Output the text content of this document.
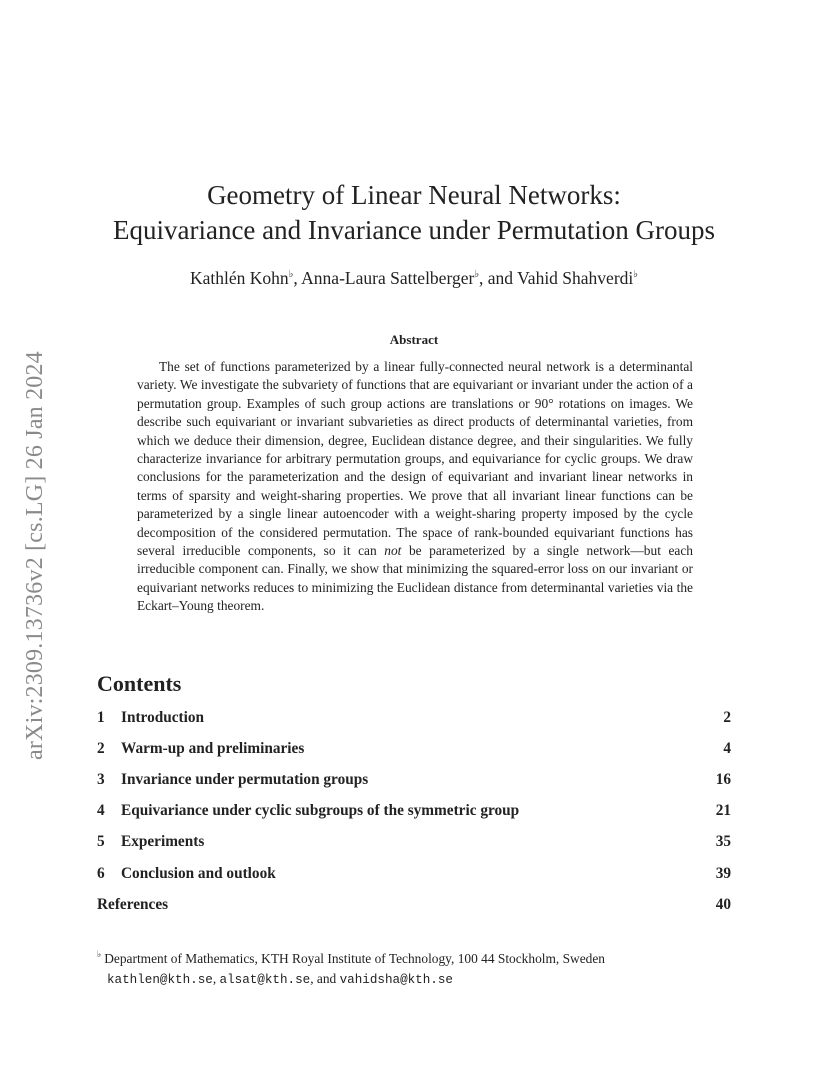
arXiv:2309.13736v2 [cs.LG] 26 Jan 2024
Geometry of Linear Neural Networks:
Equivariance and Invariance under Permutation Groups
Kathlén Kohn♭, Anna-Laura Sattelberger♭, and Vahid Shahverdi♭
Abstract

The set of functions parameterized by a linear fully-connected neural network is a determinantal variety. We investigate the subvariety of functions that are equivariant or invariant under the action of a permutation group. Examples of such group actions are translations or 90° rotations on images. We describe such equivariant or invariant subvarieties as direct products of determinantal varieties, from which we deduce their dimension, degree, Euclidean distance degree, and their singularities. We fully characterize invariance for arbitrary permutation groups, and equivariance for cyclic groups. We draw conclusions for the parameterization and the design of equivariant and invariant linear networks in terms of sparsity and weight-sharing properties. We prove that all invariant linear functions can be parameterized by a single linear autoencoder with a weight-sharing property imposed by the cycle decomposition of the considered permutation. The space of rank-bounded equivariant functions has several irreducible components, so it can not be parameterized by a single network—but each irreducible component can. Finally, we show that minimizing the squared-error loss on our invariant or equivariant networks reduces to minimizing the Euclidean distance from determinantal varieties via the Eckart–Young theorem.

Contents
1	Introduction	2
2	Warm-up and preliminaries	4
3	Invariance under permutation groups	16
4	Equivariance under cyclic subgroups of the symmetric group	21
5	Experiments	35
6	Conclusion and outlook	39
References	40
♭ Department of Mathematics, KTH Royal Institute of Technology, 100 44 Stockholm, Sweden
kathlen@kth.se, alsat@kth.se, and vahidsha@kth.se
